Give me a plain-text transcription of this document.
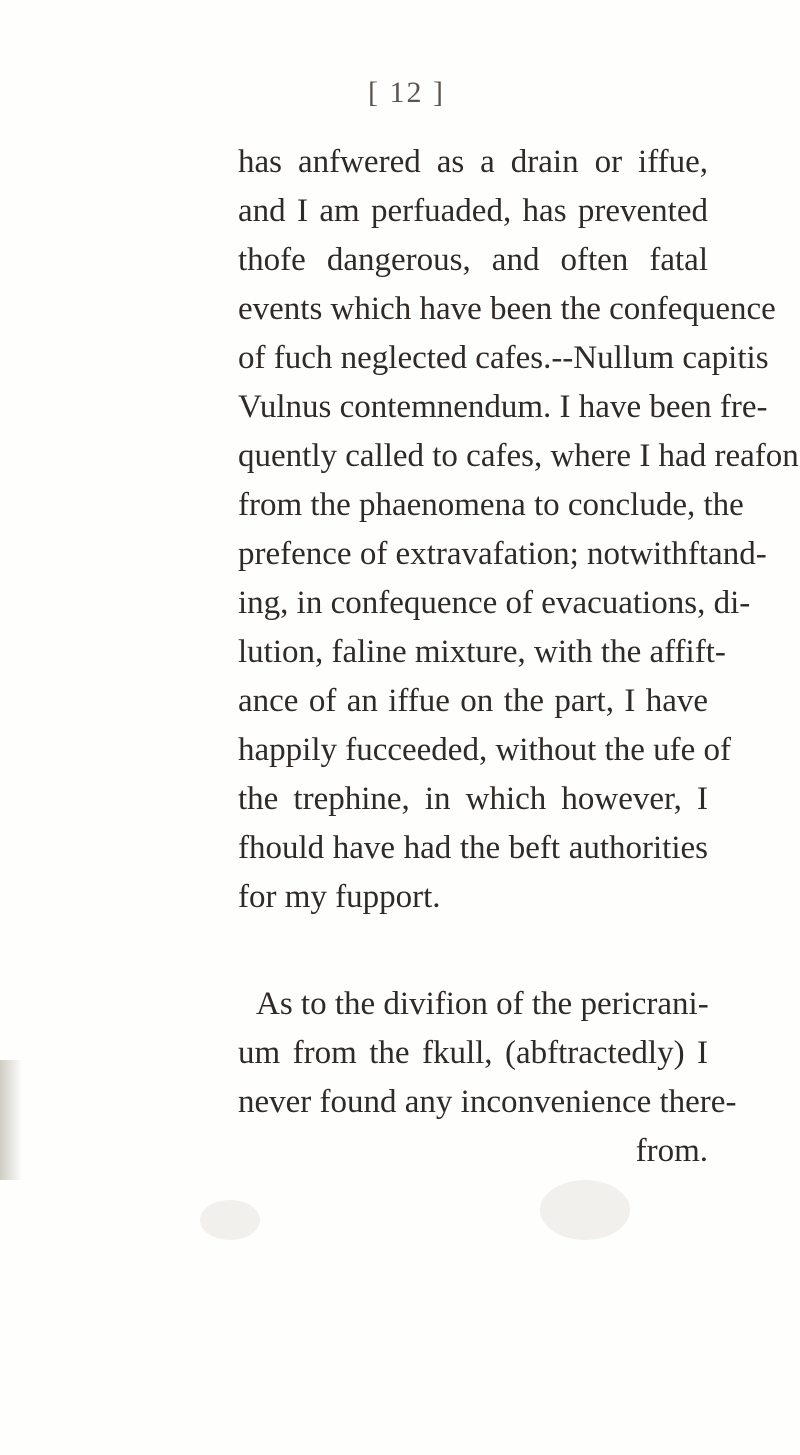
[ 12 ]
has anfwered as a drain or iffue,
and I am perfuaded, has prevented
thofe dangerous, and often fatal
events which have been the confequence
of fuch neglected cafes.--Nullum capitis
Vulnus contemnendum. I have been fre-
quently called to cafes, where I had reafon
from the phaenomena to conclude, the
prefence of extravafation; notwithftand-
ing, in confequence of evacuations, di-
lution, faline mixture, with the affift-
ance of an iffue on the part, I have
happily fucceeded, without the ufe of
the trephine, in which however, I
fhould have had the beft authorities
for my fupport.
As to the divifion of the pericrani-
um from the fkull, (abftractedly) I
never found any inconvenience there-
from.
